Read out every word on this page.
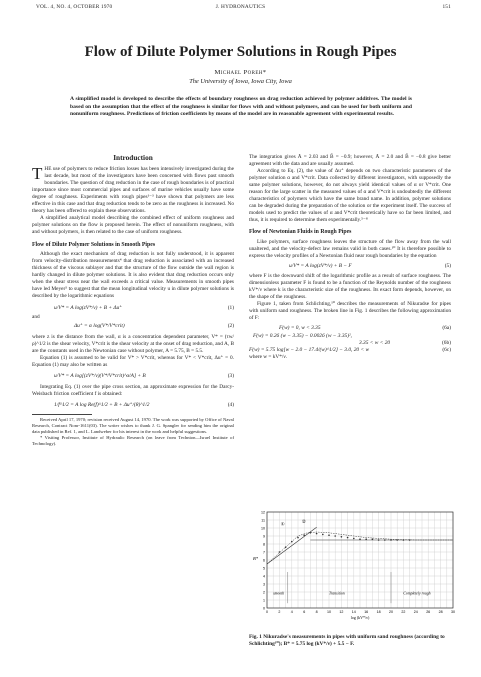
VOL. 4, NO. 4, OCTOBER 1970	J. HYDRONAUTICS	151
Flow of Dilute Polymer Solutions in Rough Pipes
Michael Poreh*
The University of Iowa, Iowa City, Iowa
A simplified model is developed to describe the effects of boundary roughness on drag reduction achieved by polymer additives. The model is based on the assumption that the effect of the roughness is similar for flows with and without polymers, and can be used for both uniform and nonuniform roughness. Predictions of friction coefficients by means of the model are in reasonable agreement with experimental results.
Introduction

THE use of polymers to reduce friction losses has been intensively investigated during the last decade, but most of the investigators have been concerned with flows past smooth boundaries. The question of drag reduction in the case of rough boundaries is of practical importance since most commercial pipes and surfaces of marine vehicles usually have some degree of roughness. Experiments with rough pipes¹⁻³ have shown that polymers are less effective in this case and that drag reduction tends to be zero as the roughness is increased. No theory has been offered to explain these observations.

A simplified analytical model describing the combined effect of uniform roughness and polymer solutions on the flow is proposed herein. The effect of nonuniform roughness, with and without polymers, is then related to the case of uniform roughness.

Flow of Dilute Polymer Solutions in Smooth Pipes

Although the exact mechanism of drag reduction is not fully understood, it is apparent from velocity-distribution measurements⁴ that drag reduction is associated with an increased thickness of the viscous sublayer and that the structure of the flow outside the wall region is hardly changed in dilute polymer solutions. It is also evident that drag reduction occurs only when the shear stress near the wall exceeds a critical value. Measurements in smooth pipes have led Meyer⁵ to suggest that the mean longitudinal velocity u in dilute polymer solutions is described by the logarithmic equations

u/V* = A log(zV*/ν) + B + Δu⁺	(1)
and
Δu⁺ = α log(V*/V*crit)	(2)

where z is the distance from the wall, α is a concentration dependent parameter, V* = (τw/ρ)^1/2 is the shear velocity, V*crit is the shear velocity at the onset of drag reduction, and A, B are the constants used in the Newtonian case without polymer, A = 5.75, B = 5.5.

Equation (1) is assumed to be valid for V* > V*crit, whereas for V* < V*crit, Δu⁺ = 0. Equation (1) may also be written as

u/V* = A log[(zV*/ν)(V*/V*crit)^α/A] + B	(3)

Integrating Eq. (1) over the pipe cross section, an approximate expression for the Darcy-Weisbach friction coefficient f is obtained:

1/f^1/2 = A log Re(f)^1/2 + B + Δu⁺/(8)^1/2	(4)
Received April 17, 1970; revision received August 14, 1970. The work was supported by Office of Naval Research, Contract Nonr-1611(03). The writer wishes to thank J. G. Spangler for sending him the original data published in Ref. 1, and L. Landweber for his interest in the work and helpful suggestions.
* Visiting Professor, Institute of Hydraulic Research (on leave from Technion—Israel Institute of Technology).

The integration gives Ā = 2.03 and B̄ = −0.9; however, Ā = 2.0 and B̄ = −0.8 give better agreement with the data and are usually assumed.

According to Eq. (2), the value of Δu⁺ depends on two characteristic parameters of the polymer solution α and V*crit. Data collected by different investigators, with supposedly the same polymer solutions, however, do not always yield identical values of α or V*crit. One reason for the large scatter in the measured values of α and V*crit is undoubtedly the different characteristics of polymers which have the same brand name. In addition, polymer solutions can be degraded during the preparation of the solution or the experiment itself. The success of models used to predict the values of α and V*crit theoretically have so far been limited, and thus, it is required to determine them experimentally.⁵⁻⁸

Flow of Newtonian Fluids in Rough Pipes

Like polymers, surface roughness leaves the structure of the flow away from the wall unaltered, and the velocity-defect law remains valid in both cases.¹⁰ It is therefore possible to express the velocity profiles of a Newtonian fluid near rough boundaries by the equation

u/V* = A log(zV*/ν) + B − F	(5)

where F is the downward shift of the logarithmic profile as a result of surface roughness. The dimensionless parameter F is found to be a function of the Reynolds number of the roughness kV*/ν where k is the characteristic size of the roughness. Its exact form depends, however, on the shape of the roughness.

Figure 1, taken from Schlichting,¹⁰ describes the measurements of Nikuradse for pipes with uniform sand roughness. The broken line in Fig. 1 describes the following approximation of F:

F(w) = 0, w < 3.35	(6a)
F(w) = 0.26 (w − 3.35) − 0.0026 (w − 3.35)²,
3.35 < w < 20	(6b)
F(w) = 5.75 log[w − 2.0 − 17.4/(w)^1/2] − 3.0, 20 < w	(6c)
where w = kV*/ν.
12
11
10
9
8
7
6
5
4
3
2
1
0
0	2	4	6	8	10 12 14 16 18 20 22 24 26 28 30
B*
log (kV*/ν)
①	②
smooth	Transition	Completely rough
Fig. 1 Nikuradse's measurements in pipes with uniform sand roughness (according to Schlichting¹⁰); B* = 5.75 log (kV*/ν) + 5.5 − F.
